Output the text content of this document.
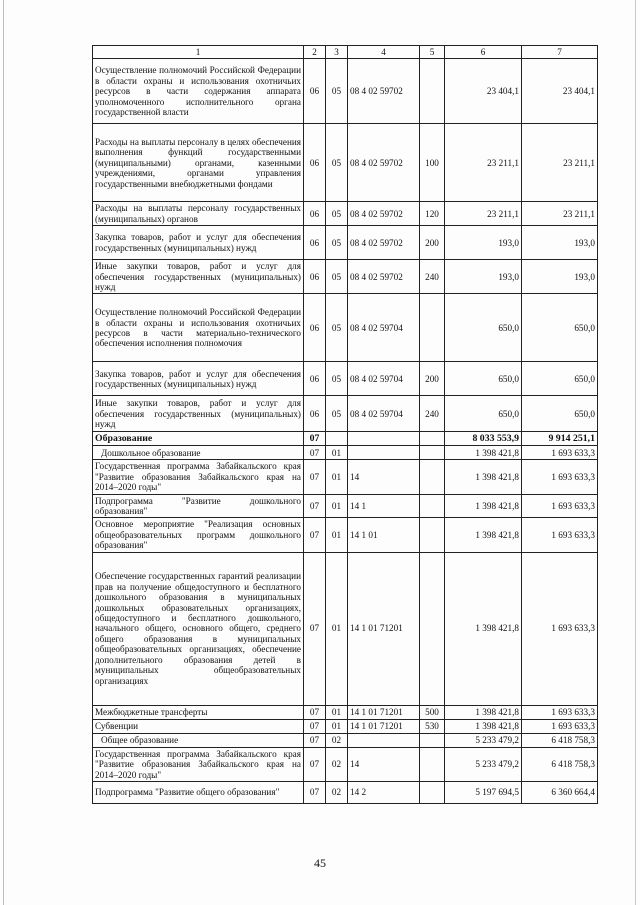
1	2	3	4	5	6	7
Осуществление полномочий Российской Федерации в области охраны и использования охотничьих ресурсов в части содержания аппарата уполномоченного исполнительного органа государственной власти	06	05	08 4 02 59702		23 404,1	23 404,1
Расходы на выплаты персоналу в целях обеспечения выполнения функций государственными (муниципальными) органами, казенными учреждениями, органами управления государственными внебюджетными фондами	06	05	08 4 02 59702	100	23 211,1	23 211,1
Расходы на выплаты персоналу государственных (муниципальных) органов	06	05	08 4 02 59702	120	23 211,1	23 211,1
Закупка товаров, работ и услуг для обеспечения государственных (муниципальных) нужд	06	05	08 4 02 59702	200	193,0	193,0
Иные закупки товаров, работ и услуг для обеспечения государственных (муниципальных) нужд	06	05	08 4 02 59702	240	193,0	193,0
Осуществление полномочий Российской Федерации в области охраны и использования охотничьих ресурсов в части материально-технического обеспечения исполнения полномочия	06	05	08 4 02 59704		650,0	650,0
Закупка товаров, работ и услуг для обеспечения государственных (муниципальных) нужд	06	05	08 4 02 59704	200	650,0	650,0
Иные закупки товаров, работ и услуг для обеспечения государственных (муниципальных) нужд	06	05	08 4 02 59704	240	650,0	650,0
Образование	07				8 033 553,9	9 914 251,1
Дошкольное образование	07	01			1 398 421,8	1 693 633,3
Государственная программа Забайкальского края "Развитие образования Забайкальского края на 2014–2020 годы"	07	01	14		1 398 421,8	1 693 633,3
Подпрограмма "Развитие дошкольного образования"	07	01	14 1		1 398 421,8	1 693 633,3
Основное мероприятие "Реализация основных общеобразовательных программ дошкольного образования"	07	01	14 1 01		1 398 421,8	1 693 633,3
Обеспечение государственных гарантий реализации прав на получение общедоступного и бесплатного дошкольного образования в муниципальных дошкольных образовательных организациях, общедоступного и бесплатного дошкольного, начального общего, основного общего, среднего общего образования в муниципальных общеобразовательных организациях, обеспечение дополнительного образования детей в муниципальных общеобразовательных организациях	07	01	14 1 01 71201		1 398 421,8	1 693 633,3
Межбюджетные трансферты	07	01	14 1 01 71201	500	1 398 421,8	1 693 633,3
Субвенции	07	01	14 1 01 71201	530	1 398 421,8	1 693 633,3
Общее образование	07	02			5 233 479,2	6 418 758,3
Государственная программа Забайкальского края "Развитие образования Забайкальского края на 2014–2020 годы"	07	02	14		5 233 479,2	6 418 758,3
Подпрограмма "Развитие общего образования"	07	02	14 2		5 197 694,5	6 360 664,4
45
